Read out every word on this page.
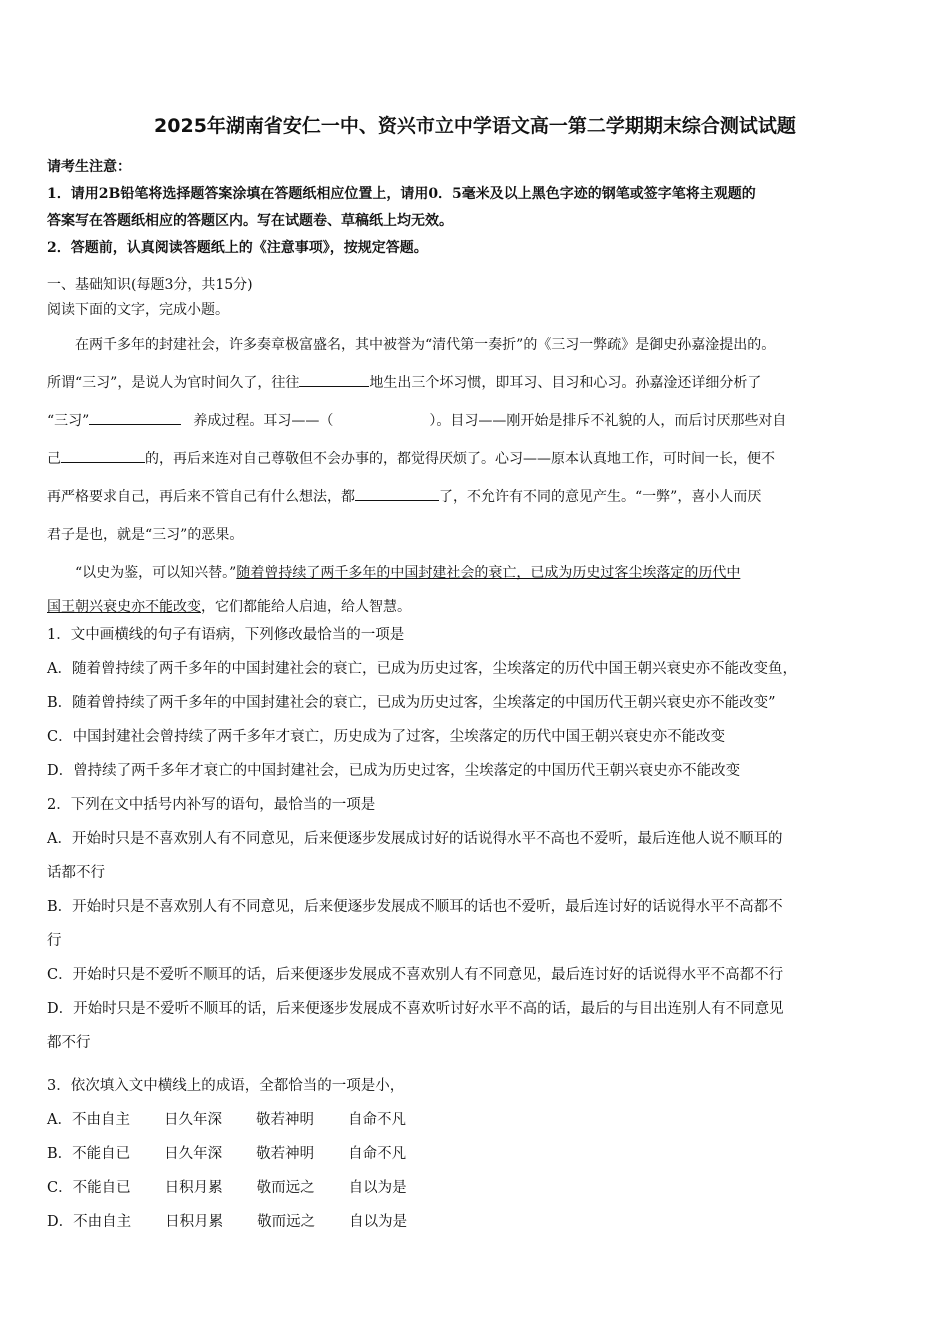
2025年湖南省安仁一中、资兴市立中学语文高一第二学期期末综合测试试题
请考生注意：
1．请用2B铅笔将选择题答案涂填在答题纸相应位置上，请用0．5毫米及以上黑色字迹的钢笔或签字笔将主观题的
答案写在答题纸相应的答题区内。写在试题卷、草稿纸上均无效。
2．答题前，认真阅读答题纸上的《注意事项》，按规定答题。
一、基础知识(每题3分，共15分)
阅读下面的文字，完成小题。
在两千多年的封建社会，许多奏章极富盛名，其中被誉为“清代第一奏折”的《三习一弊疏》是御史孙嘉淦提出的。
所谓“三习”，是说人为官时间久了，往往	地生出三个坏习惯，即耳习、目习和心习。孙嘉淦还详细分析了
“三习”	养成过程。耳习——（	）。目习——刚开始是排斥不礼貌的人，而后讨厌那些对自
己	的，再后来连对自己尊敬但不会办事的，都觉得厌烦了。心习——原本认真地工作，可时间一长，便不
再严格要求自己，再后来不管自己有什么想法，都	了，不允许有不同的意见产生。“一弊”，喜小人而厌
君子是也，就是“三习”的恶果。
“以史为鉴，可以知兴替。”随着曾持续了两千多年的中国封建社会的衰亡，已成为历史过客尘埃落定的历代中
国王朝兴衰史亦不能改变，它们都能给人启迪，给人智慧。
1．文中画横线的句子有语病，下列修改最恰当的一项是
A．随着曾持续了两千多年的中国封建社会的衰亡，已成为历史过客，尘埃落定的历代中国王朝兴衰史亦不能改变鱼，
B．随着曾持续了两千多年的中国封建社会的衰亡，已成为历史过客，尘埃落定的中国历代王朝兴衰史亦不能改变”
C．中国封建社会曾持续了两千多年才衰亡，历史成为了过客，尘埃落定的历代中国王朝兴衰史亦不能改变
D．曾持续了两千多年才衰亡的中国封建社会，已成为历史过客，尘埃落定的中国历代王朝兴衰史亦不能改变
2．下列在文中括号内补写的语句，最恰当的一项是
A．开始时只是不喜欢别人有不同意见，后来便逐步发展成讨好的话说得水平不高也不爱听，最后连他人说不顺耳的
话都不行
B．开始时只是不喜欢别人有不同意见，后来便逐步发展成不顺耳的话也不爱听，最后连讨好的话说得水平不高都不
行
C．开始时只是不爱听不顺耳的话，后来便逐步发展成不喜欢别人有不同意见，最后连讨好的话说得水平不高都不行
D．开始时只是不爱听不顺耳的话，后来便逐步发展成不喜欢听讨好水平不高的话，最后的与目出连别人有不同意见
都不行
3．依次填入文中横线上的成语，全都恰当的一项是小，
A．不由自主 日久年深 敬若神明 自命不凡
B．不能自已 日久年深 敬若神明 自命不凡
C．不能自已 日积月累 敬而远之 自以为是
D．不由自主 日积月累 敬而远之 自以为是
